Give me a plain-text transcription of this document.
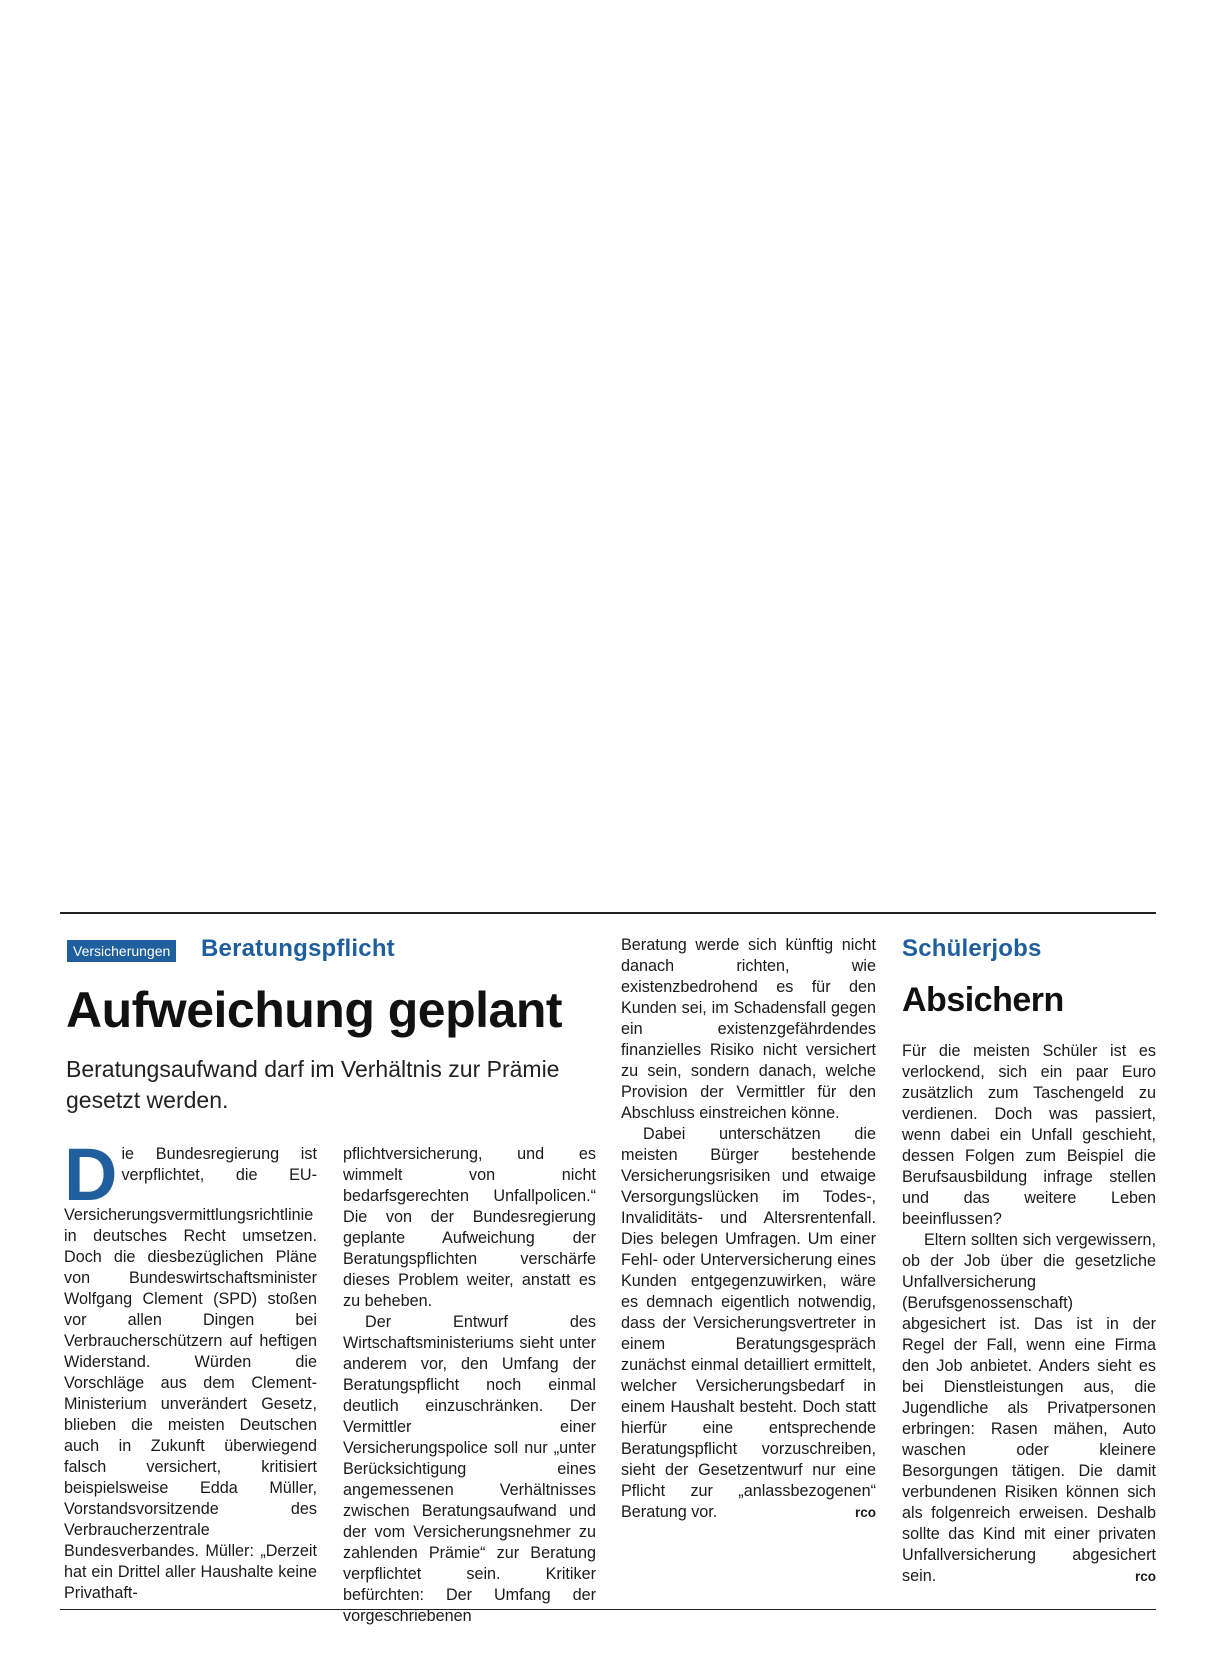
Versicherungen Beratungspflicht
Aufweichung geplant
Beratungsaufwand darf im Verhältnis zur Prämie gesetzt werden.

Die Bundesregierung ist verpflichtet, die EU-Versicherungsvermittlungsrichtlinie in deutsches Recht umsetzen. Doch die diesbezüglichen Pläne von Bundeswirtschaftsminister Wolfgang Clement (SPD) stoßen vor allen Dingen bei Verbraucherschützern auf heftigen Widerstand. Würden die Vorschläge aus dem Clement-Ministerium unverändert Gesetz, blieben die meisten Deutschen auch in Zukunft überwiegend falsch versichert, kritisiert beispielsweise Edda Müller, Vorstandsvorsitzende des Verbraucherzentrale Bundesverbandes. Müller: „Derzeit hat ein Drittel aller Haushalte keine Privathaft-

pflichtversicherung, und es wimmelt von nicht bedarfsgerechten Unfallpolicen.“ Die von der Bundesregierung geplante Aufweichung der Beratungspflichten verschärfe dieses Problem weiter, anstatt es zu beheben.

Der Entwurf des Wirtschaftsministeriums sieht unter anderem vor, den Umfang der Beratungspflicht noch einmal deutlich einzuschränken. Der Vermittler einer Versicherungspolice soll nur „unter Berücksichtigung eines angemessenen Verhältnisses zwischen Beratungsaufwand und der vom Versicherungsnehmer zu zahlenden Prämie“ zur Beratung verpflichtet sein. Kritiker befürchten: Der Umfang der vorgeschriebenen

Beratung werde sich künftig nicht danach richten, wie existenzbedrohend es für den Kunden sei, im Schadensfall gegen ein existenzgefährdendes finanzielles Risiko nicht versichert zu sein, sondern danach, welche Provision der Vermittler für den Abschluss einstreichen könne.

Dabei unterschätzen die meisten Bürger bestehende Versicherungsrisiken und etwaige Versorgungslücken im Todes-, Invaliditäts- und Altersrentenfall. Dies belegen Umfragen. Um einer Fehl- oder Unterversicherung eines Kunden entgegenzuwirken, wäre es demnach eigentlich notwendig, dass der Versicherungsvertreter in einem Beratungsgespräch zunächst einmal detailliert ermittelt, welcher Versicherungsbedarf in einem Haushalt besteht. Doch statt hierfür eine entsprechende Beratungspflicht vorzuschreiben, sieht der Gesetzentwurf nur eine Pflicht zur „anlassbezogenen“ Beratung vor.	rco

Schülerjobs
Absichern

Für die meisten Schüler ist es verlockend, sich ein paar Euro zusätzlich zum Taschengeld zu verdienen. Doch was passiert, wenn dabei ein Unfall geschieht, dessen Folgen zum Beispiel die Berufsausbildung infrage stellen und das weitere Leben beeinflussen?

Eltern sollten sich vergewissern, ob der Job über die gesetzliche Unfallversicherung (Berufsgenossenschaft) abgesichert ist. Das ist in der Regel der Fall, wenn eine Firma den Job anbietet. Anders sieht es bei Dienstleistungen aus, die Jugendliche als Privatpersonen erbringen: Rasen mähen, Auto waschen oder kleinere Besorgungen tätigen. Die damit verbundenen Risiken können sich als folgenreich erweisen. Deshalb sollte das Kind mit einer privaten Unfallversicherung abgesichert sein.	rco
